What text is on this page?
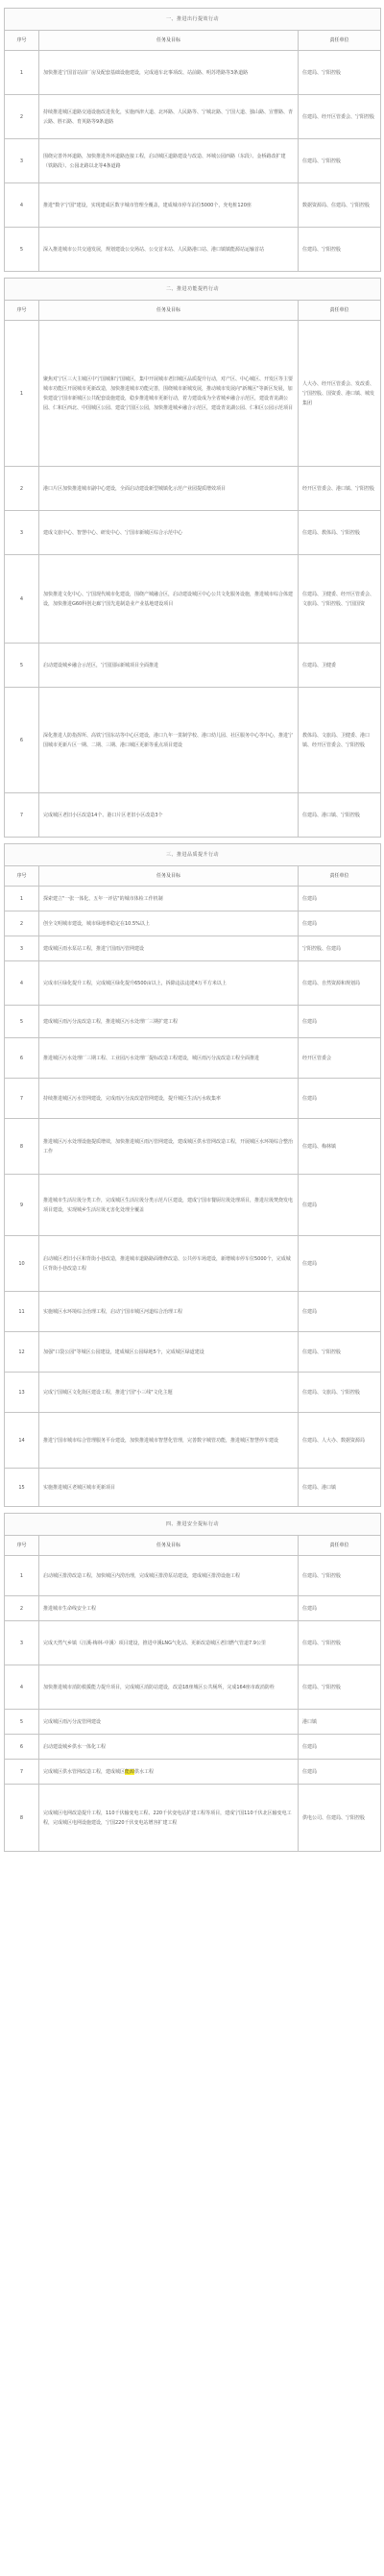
一、推进出行提效行动		
序号	任务及目标	责任单位
1	加快推进宁国首站前厂房及配套基础设施建设，完成通车北事项改、站前路、明苏塔路等3条道路	住建局、宁阳控股
2	持续推进城区道路交通设施改进优化，实施西津大道、北环路、人民路等、宁城北路、宁国大道、独山路、宣曹路、青云路、胜石路、育英路等9条道路	住建局、经开区管委会、宁阳控股
3	围绕完善外环道路，加快推进外环道路连接工程，启动城区道路建设与改造、环城公园西路（东段）、金桥路改扩建（铁路段）、公园北路以北等4条道路	住建局、宁阳控股
4	推进"数字宁国"建设，实现建成区数字城市管理全覆盖，建成城市停车泊位5000个，充电桩120座	数据资源局、住建局、宁阳控股
5	深入推进城市公共交通发展，规划建设公交场站、公交首末站、人民路港口站、港口镇镇能源站运输首站	住建局、宁阳控股
二、推进功能提档行动		
序号	任务及目标	责任单位
1	聚焦对宁区三大主城区中宁国城和宁国城区，集中开展城市老旧城区品质提升行动，对产区、中心城区、开发区等主要城市功能区开展城市更新改造，加快推进城市功能完善，围绕城市新城发展，推动城市发展向"新城区"等新区发展，加快建设宁国市新城区公共配套设施建设，稳步推进城市更新行动，着力建设成为全省城乡融合示范区，建设青龙湖公园、仁和区西北、中国城区公园、建设宁国区公园，加快推进城乡融合示范区，建设青龙湖公园、仁和区公园示范项目	人大办、经开区管委会、发改委、宁国控股、国资委、港口镇、城发集团
2	港口片区加快推进城市副中心建设，全面启动建设新型城镇化示范产业园提质增效项目	经开区管委会、港口镇、宁阳控股
3	建成文旅中心、智慧中心、研发中心、宁国市新城区综合示范中心	住建局、教体局、宁阳控股
4	加快推进文化中心、宁国现代城市化建设，围绕产城融合区，启动建设城区中心公共文化服务设施，推进城市综合体建设，加快推进G60科创走廊宁国先进制造业产业基地建设项目	住建局、卫健委、经开区管委会、文旅局、宁阳控股、宁国国资
5	启动建设城乡融合示范区，宁国国际新城项目全面推进	住建局、卫健委
6	深化推进人防指挥所、高铁宁国东站等中心区建设，港口九年一贯制学校、港口幼儿园、社区服务中心等中心，推进宁国城市更新片区一期、二期、三期、港口城区更新等重点项目建设	教体局、文旅局、卫健委、港口镇、经开区管委会、宁阳控股
7	完成城区老旧小区改造14个、港口片区老旧小区改造3个	住建局、港口镇、宁阳控股
三、推进品质提升行动		
序号	任务及目标	责任单位
1	探索建立"一张一体化、五年一评估"的城市体检工作机制	住建局
2	创全文明城市建设，城市绿地率稳定在10.5%以上	住建局
3	建成城区雨水泵站工程，推进宁国雨污管网建设	宁阳控股、住建局
4	完成市区绿化提升工程，完成城区绿化提升6500亩以上，拆除违法违建4万平方米以上	住建局、自然资源和规划局
5	建成城区雨污分流改造工程，推进城区污水处理厂三期扩建工程	住建局
6	推进城区污水处理厂三期工程、工业园污水处理厂提标改造工程建设，城区雨污分流改造工程全面推进	经开区管委会
7	持续推进城区污水管网建设，完成雨污分流改造管网建设，提升城区生活污水收集率	住建局
8	推进城区污水处理设施提质增效，加快推进城区雨污管网建设，建成城区供水管网改造工程，开展城区水环境综合整治工作	住建局、梅林镇
9	推进城市生活垃圾分类工作，完成城区生活垃圾分类示范片区建设，建成宁国市餐厨垃圾处理项目，推进垃圾焚烧发电项目建设，实现城乡生活垃圾无害化处理全覆盖	住建局
10	启动城区老旧小区和背街小巷改造，推进城市道路路面维修改造、公共停车场建设，新增城市停车位5000个，完成城区背街小巷改造工程	住建局
11	实施城区水环境综合治理工程，启动宁国市城区河道综合治理工程	住建局
12	加强"口袋公园"等城区公园建设，建成城区公园绿地5个，完成城区绿道建设	住建局、宁阳控股
13	完成宁国城区文化街区建设工程，推进宁国"小三线"文化主题	住建局、文旅局、宁阳控股
14	推进宁国市城市综合管理服务平台建设，加快推进城市智慧化管理，完善数字城管功能，推进城区智慧停车建设	住建局、人大办、数据资源局
15	实施推进城区老城区城市更新项目	住建局、港口镇
四、推进安全提标行动		
序号	任务及目标	责任单位
1	启动城区排涝改造工程，加快城区内涝治理，完成城区排涝泵站建设，建成城区排涝设施工程	住建局、宁阳控股
2	推进城市生命线安全工程	住建局
3	完成天然气乡镇（汪溪-梅林-中溪）项目建设，推进中溪LNG气化站、更新改造城区老旧燃气管道7.9公里	住建局、宁阳控股
4	加快推进城市消防救援能力提升项目，完成城区消防站建设，改造18座城区公共厕所，完成164座市政消防栓	住建局、宁阳控股
5	完成城区雨污分流管网建设	港口镇
6	启动建设城乡供水一体化工程	住建局
7	完成城区供水管网改造工程，建成城区能源供水工程	住建局
8	完成城区电网改造提升工程，110千伏输变电工程、220千伏变电站扩建工程等项目，建成宁国110千伏北区输变电工程，完成城区电网设施建设，宁国220千伏变电站增容扩建工程	供电公司、住建局、宁阳控股
